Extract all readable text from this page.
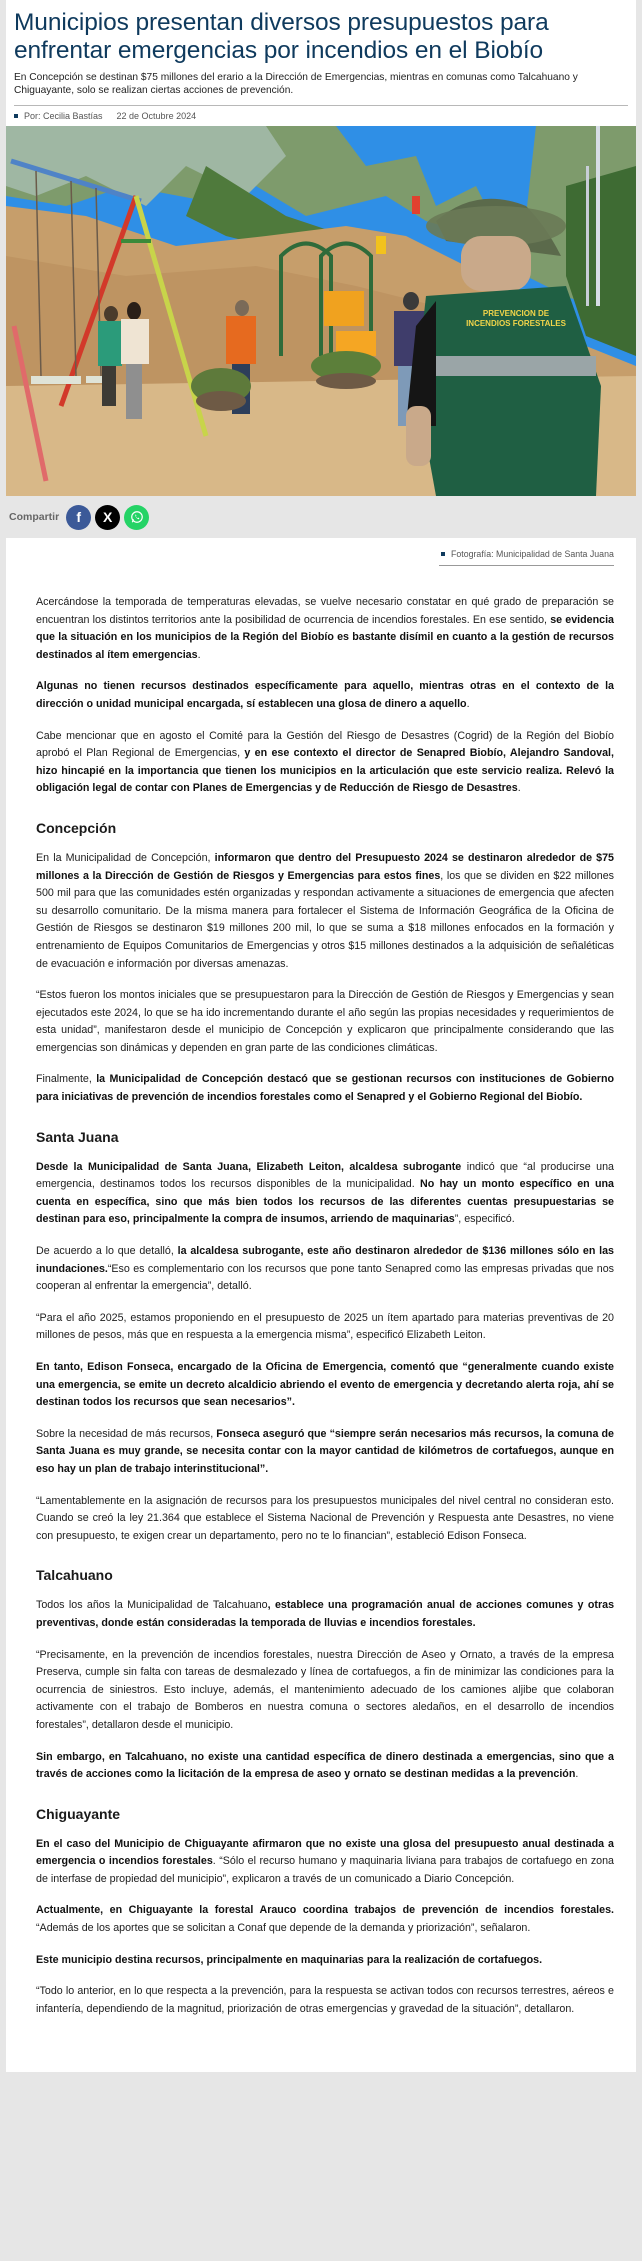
Municipios presentan diversos presupuestos para enfrentar emergencias por incendios en el Biobío

En Concepción se destinan $75 millones del erario a la Dirección de Emergencias, mientras en comunas como Talcahuano y Chiguayante, solo se realizan ciertas acciones de prevención.

Por: Cecilia Bastías 22 de Octubre 2024
PREVENCION DE
INCENDIOS FORESTALES
Compartir f X
Fotografía: Municipalidad de Santa Juana

Acercándose la temporada de temperaturas elevadas, se vuelve necesario constatar en qué grado de preparación se encuentran los distintos territorios ante la posibilidad de ocurrencia de incendios forestales. En ese sentido, se evidencia que la situación en los municipios de la Región del Biobío es bastante disímil en cuanto a la gestión de recursos destinados al ítem emergencias.

Algunas no tienen recursos destinados específicamente para aquello, mientras otras en el contexto de la dirección o unidad municipal encargada, sí establecen una glosa de dinero a aquello.

Cabe mencionar que en agosto el Comité para la Gestión del Riesgo de Desastres (Cogrid) de la Región del Biobío aprobó el Plan Regional de Emergencias, y en ese contexto el director de Senapred Biobío, Alejandro Sandoval, hizo hincapié en la importancia que tienen los municipios en la articulación que este servicio realiza. Relevó la obligación legal de contar con Planes de Emergencias y de Reducción de Riesgo de Desastres.

Concepción

En la Municipalidad de Concepción, informaron que dentro del Presupuesto 2024 se destinaron alrededor de $75 millones a la Dirección de Gestión de Riesgos y Emergencias para estos fines, los que se dividen en $22 millones 500 mil para que las comunidades estén organizadas y respondan activamente a situaciones de emergencia que afecten su desarrollo comunitario. De la misma manera para fortalecer el Sistema de Información Geográfica de la Oficina de Gestión de Riesgos se destinaron $19 millones 200 mil, lo que se suma a $18 millones enfocados en la formación y entrenamiento de Equipos Comunitarios de Emergencias y otros $15 millones destinados a la adquisición de señaléticas de evacuación e información por diversas amenazas.

“Estos fueron los montos iniciales que se presupuestaron para la Dirección de Gestión de Riesgos y Emergencias y sean ejecutados este 2024, lo que se ha ido incrementando durante el año según las propias necesidades y requerimientos de esta unidad”, manifestaron desde el municipio de Concepción y explicaron que principalmente considerando que las emergencias son dinámicas y dependen en gran parte de las condiciones climáticas.

Finalmente, la Municipalidad de Concepción destacó que se gestionan recursos con instituciones de Gobierno para iniciativas de prevención de incendios forestales como el Senapred y el Gobierno Regional del Biobío.

Santa Juana

Desde la Municipalidad de Santa Juana, Elizabeth Leiton, alcaldesa subrogante indicó que “al producirse una emergencia, destinamos todos los recursos disponibles de la municipalidad. No hay un monto específico en una cuenta en específica, sino que más bien todos los recursos de las diferentes cuentas presupuestarias se destinan para eso, principalmente la compra de insumos, arriendo de maquinarias”, especificó.

De acuerdo a lo que detalló, la alcaldesa subrogante, este año destinaron alrededor de $136 millones sólo en las inundaciones.“Eso es complementario con los recursos que pone tanto Senapred como las empresas privadas que nos cooperan al enfrentar la emergencia”, detalló.

“Para el año 2025, estamos proponiendo en el presupuesto de 2025 un ítem apartado para materias preventivas de 20 millones de pesos, más que en respuesta a la emergencia misma”, especificó Elizabeth Leiton.

En tanto, Edison Fonseca, encargado de la Oficina de Emergencia, comentó que “generalmente cuando existe una emergencia, se emite un decreto alcaldicio abriendo el evento de emergencia y decretando alerta roja, ahí se destinan todos los recursos que sean necesarios”.

Sobre la necesidad de más recursos, Fonseca aseguró que “siempre serán necesarios más recursos, la comuna de Santa Juana es muy grande, se necesita contar con la mayor cantidad de kilómetros de cortafuegos, aunque en eso hay un plan de trabajo interinstitucional”.

“Lamentablemente en la asignación de recursos para los presupuestos municipales del nivel central no consideran esto. Cuando se creó la ley 21.364 que establece el Sistema Nacional de Prevención y Respuesta ante Desastres, no viene con presupuesto, te exigen crear un departamento, pero no te lo financian”, estableció Edison Fonseca.

Talcahuano

Todos los años la Municipalidad de Talcahuano, establece una programación anual de acciones comunes y otras preventivas, donde están consideradas la temporada de lluvias e incendios forestales.

“Precisamente, en la prevención de incendios forestales, nuestra Dirección de Aseo y Ornato, a través de la empresa Preserva, cumple sin falta con tareas de desmalezado y línea de cortafuegos, a fin de minimizar las condiciones para la ocurrencia de siniestros. Esto incluye, además, el mantenimiento adecuado de los camiones aljibe que colaboran activamente con el trabajo de Bomberos en nuestra comuna o sectores aledaños, en el desarrollo de incendios forestales”, detallaron desde el municipio.

Sin embargo, en Talcahuano, no existe una cantidad específica de dinero destinada a emergencias, sino que a través de acciones como la licitación de la empresa de aseo y ornato se destinan medidas a la prevención.

Chiguayante

En el caso del Municipio de Chiguayante afirmaron que no existe una glosa del presupuesto anual destinada a emergencia o incendios forestales. “Sólo el recurso humano y maquinaria liviana para trabajos de cortafuego en zona de interfase de propiedad del municipio”, explicaron a través de un comunicado a Diario Concepción.

Actualmente, en Chiguayante la forestal Arauco coordina trabajos de prevención de incendios forestales. “Además de los aportes que se solicitan a Conaf que depende de la demanda y priorización”, señalaron.

Este municipio destina recursos, principalmente en maquinarias para la realización de cortafuegos.

“Todo lo anterior, en lo que respecta a la prevención, para la respuesta se activan todos con recursos terrestres, aéreos e infantería, dependiendo de la magnitud, priorización de otras emergencias y gravedad de la situación”, detallaron.
